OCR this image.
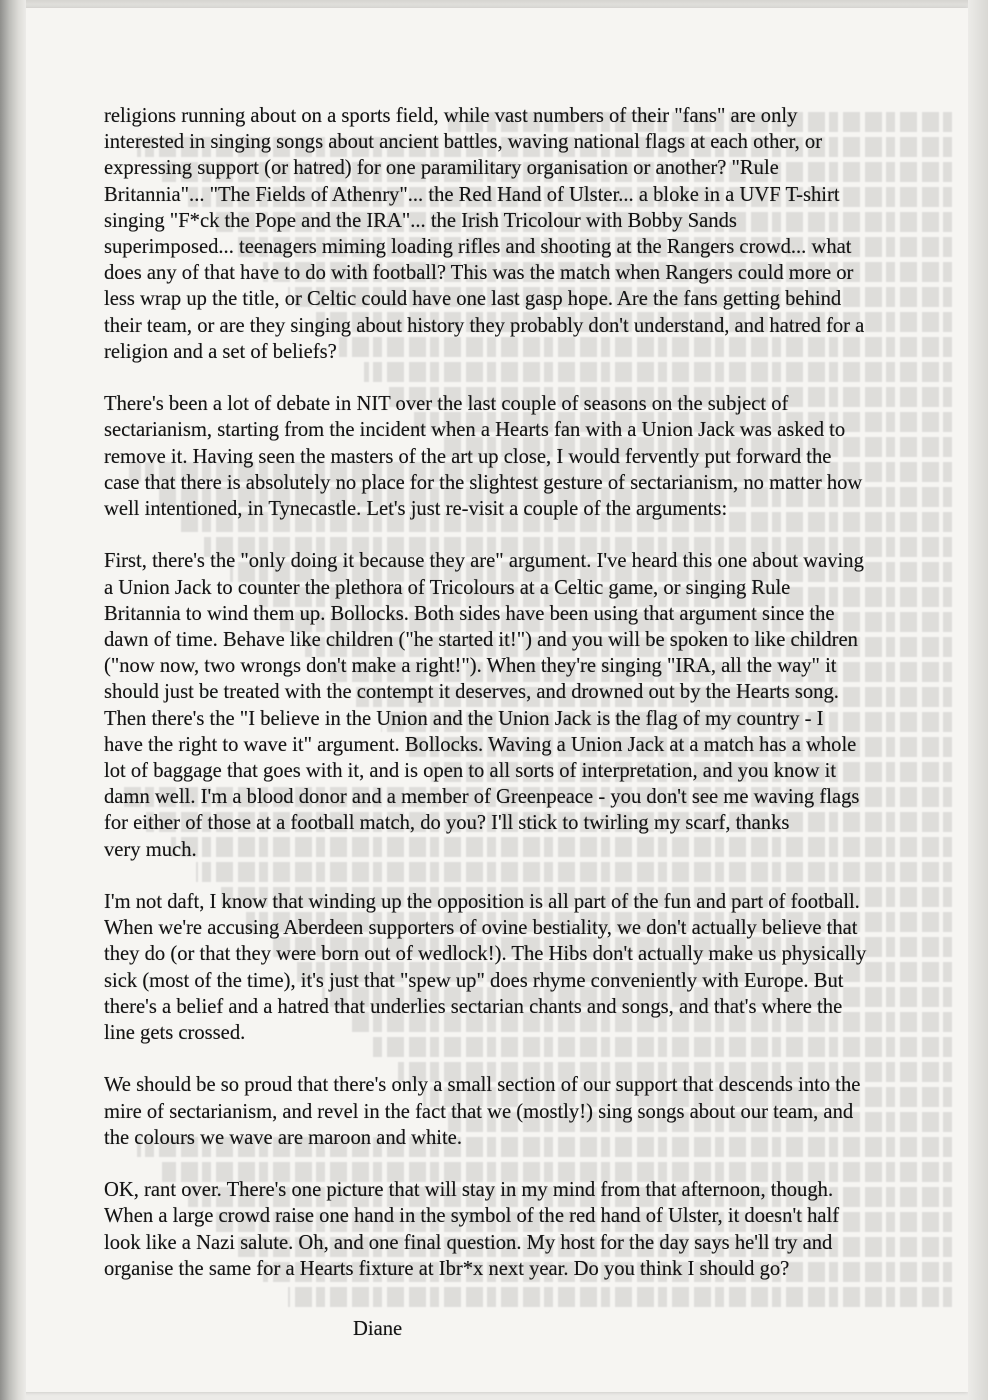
religions running about on a sports field, while vast numbers of their "fans" are only
interested in singing songs about ancient battles, waving national flags at each other, or
expressing support (or hatred) for one paramilitary organisation or another? "Rule
Britannia"... "The Fields of Athenry"... the Red Hand of Ulster... a bloke in a UVF T-shirt
singing "F*ck the Pope and the IRA"... the Irish Tricolour with Bobby Sands
superimposed... teenagers miming loading rifles and shooting at the Rangers crowd... what
does any of that have to do with football? This was the match when Rangers could more or
less wrap up the title, or Celtic could have one last gasp hope. Are the fans getting behind
their team, or are they singing about history they probably don't understand, and hatred for a
religion and a set of beliefs?
There's been a lot of debate in NIT over the last couple of seasons on the subject of
sectarianism, starting from the incident when a Hearts fan with a Union Jack was asked to
remove it. Having seen the masters of the art up close, I would fervently put forward the
case that there is absolutely no place for the slightest gesture of sectarianism, no matter how
well intentioned, in Tynecastle. Let's just re-visit a couple of the arguments:
First, there's the "only doing it because they are" argument. I've heard this one about waving
a Union Jack to counter the plethora of Tricolours at a Celtic game, or singing Rule
Britannia to wind them up. Bollocks. Both sides have been using that argument since the
dawn of time. Behave like children ("he started it!") and you will be spoken to like children
("now now, two wrongs don't make a right!"). When they're singing "IRA, all the way" it
should just be treated with the contempt it deserves, and drowned out by the Hearts song.
Then there's the "I believe in the Union and the Union Jack is the flag of my country - I
have the right to wave it" argument. Bollocks. Waving a Union Jack at a match has a whole
lot of baggage that goes with it, and is open to all sorts of interpretation, and you know it
damn well. I'm a blood donor and a member of Greenpeace - you don't see me waving flags
for either of those at a football match, do you? I'll stick to twirling my scarf, thanks
very much.
I'm not daft, I know that winding up the opposition is all part of the fun and part of football.
When we're accusing Aberdeen supporters of ovine bestiality, we don't actually believe that
they do (or that they were born out of wedlock!). The Hibs don't actually make us physically
sick (most of the time), it's just that "spew up" does rhyme conveniently with Europe. But
there's a belief and a hatred that underlies sectarian chants and songs, and that's where the
line gets crossed.
We should be so proud that there's only a small section of our support that descends into the
mire of sectarianism, and revel in the fact that we (mostly!) sing songs about our team, and
the colours we wave are maroon and white.
OK, rant over. There's one picture that will stay in my mind from that afternoon, though.
When a large crowd raise one hand in the symbol of the red hand of Ulster, it doesn't half
look like a Nazi salute. Oh, and one final question. My host for the day says he'll try and
organise the same for a Hearts fixture at Ibr*x next year. Do you think I should go?
Diane
